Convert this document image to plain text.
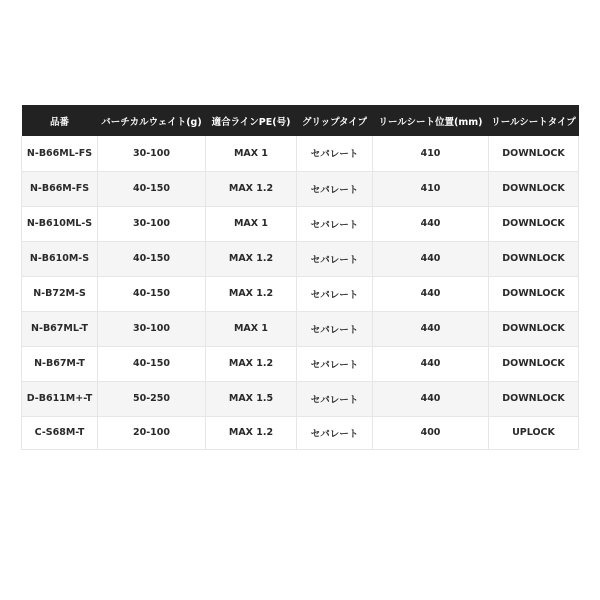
品番	バーチカルウェイト(g)	適合ラインPE(号)	グリップタイプ	リールシート位置(mm)	リールシートタイプ
N-B66ML-FS	30-100	MAX 1	セパレート	410	DOWNLOCK
N-B66M-FS	40-150	MAX 1.2	セパレート	410	DOWNLOCK
N-B610ML-S	30-100	MAX 1	セパレート	440	DOWNLOCK
N-B610M-S	40-150	MAX 1.2	セパレート	440	DOWNLOCK
N-B72M-S	40-150	MAX 1.2	セパレート	440	DOWNLOCK
N-B67ML-T	30-100	MAX 1	セパレート	440	DOWNLOCK
N-B67M-T	40-150	MAX 1.2	セパレート	440	DOWNLOCK
D-B611M+-T	50-250	MAX 1.5	セパレート	440	DOWNLOCK
C-S68M-T	20-100	MAX 1.2	セパレート	400	UPLOCK
